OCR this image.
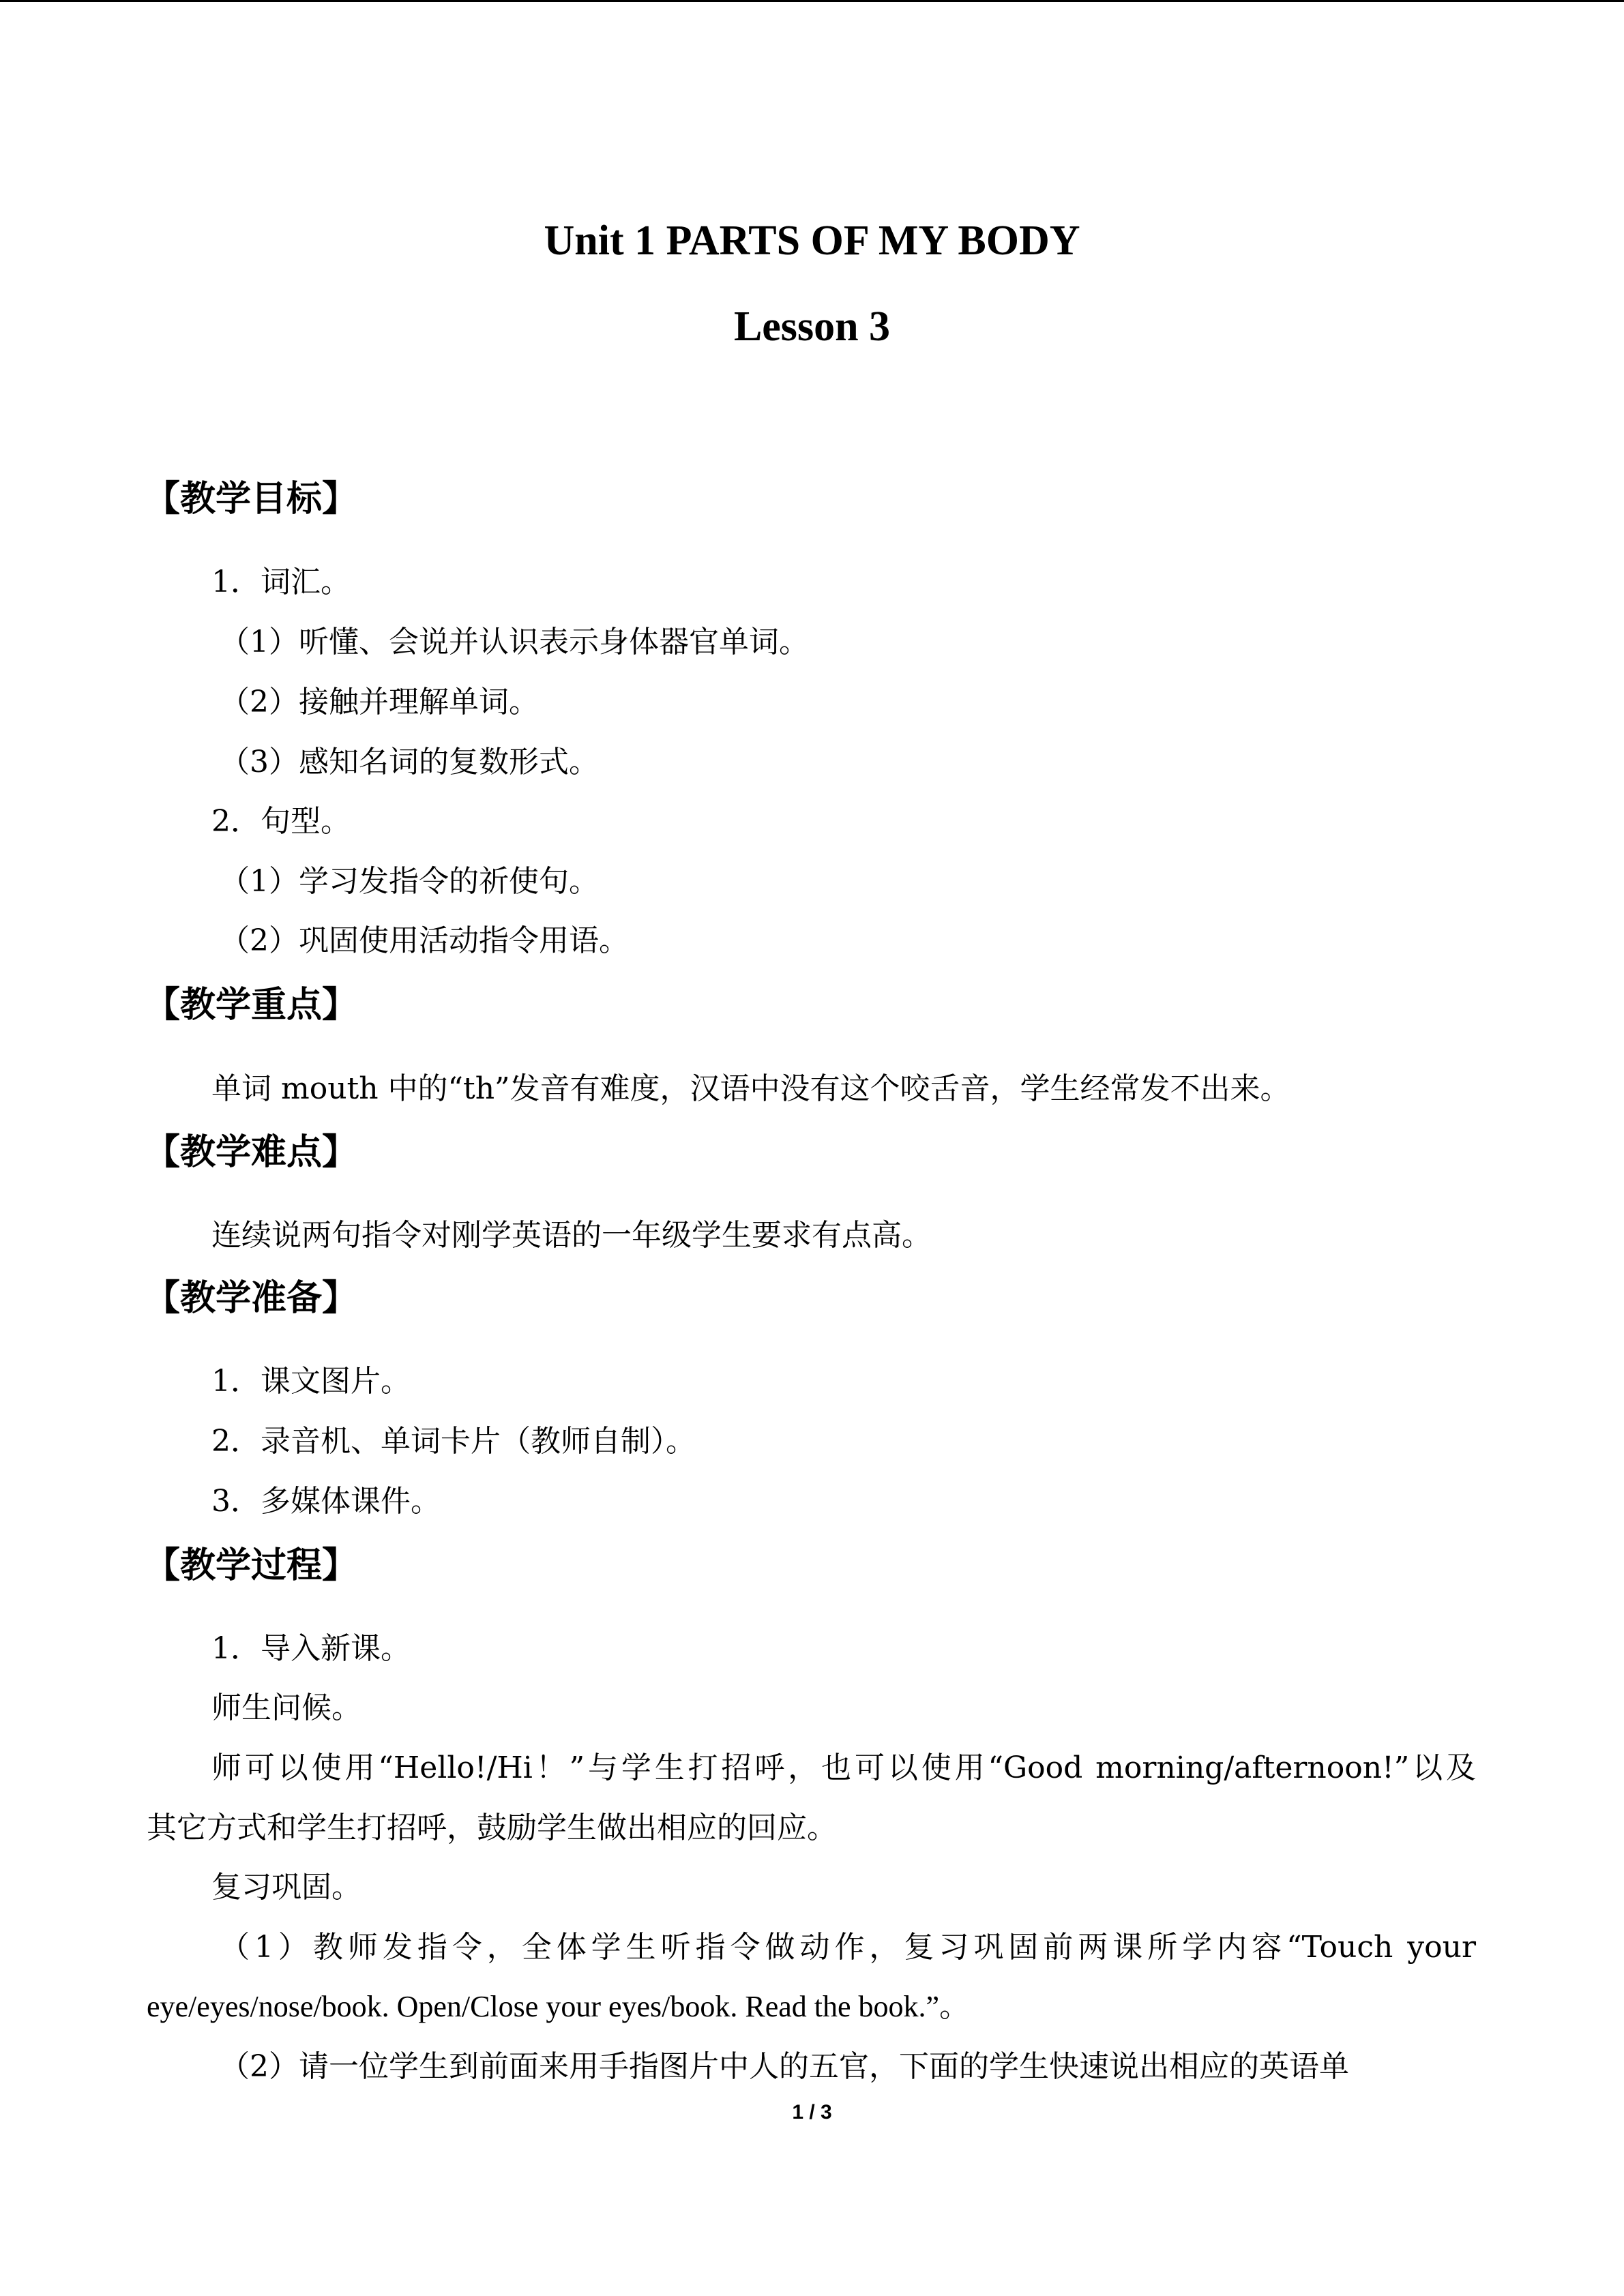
Unit 1 PARTS OF MY BODY
Lesson 3
【教学目标】
1．词汇。
（1）听懂、会说并认识表示身体器官单词。
（2）接触并理解单词。
（3）感知名词的复数形式。
2．句型。
（1）学习发指令的祈使句。
（2）巩固使用活动指令用语。
【教学重点】
单词 mouth 中的“th”发音有难度，汉语中没有这个咬舌音，学生经常发不出来。
【教学难点】
连续说两句指令对刚学英语的一年级学生要求有点高。
【教学准备】
1．课文图片。
2．录音机、单词卡片（教师自制）。
3．多媒体课件。
【教学过程】
1．导入新课。
师生问候。
师可以使用“Hello!/Hi！”与学生打招呼，也可以使用“Good morning/afternoon!”以及
其它方式和学生打招呼，鼓励学生做出相应的回应。
复习巩固。
（1）教师发指令，全体学生听指令做动作，复习巩固前两课所学内容“Touch your
eye/eyes/nose/book. Open/Close your eyes/book. Read the book.”。
（2）请一位学生到前面来用手指图片中人的五官，下面的学生快速说出相应的英语单
1 / 3
